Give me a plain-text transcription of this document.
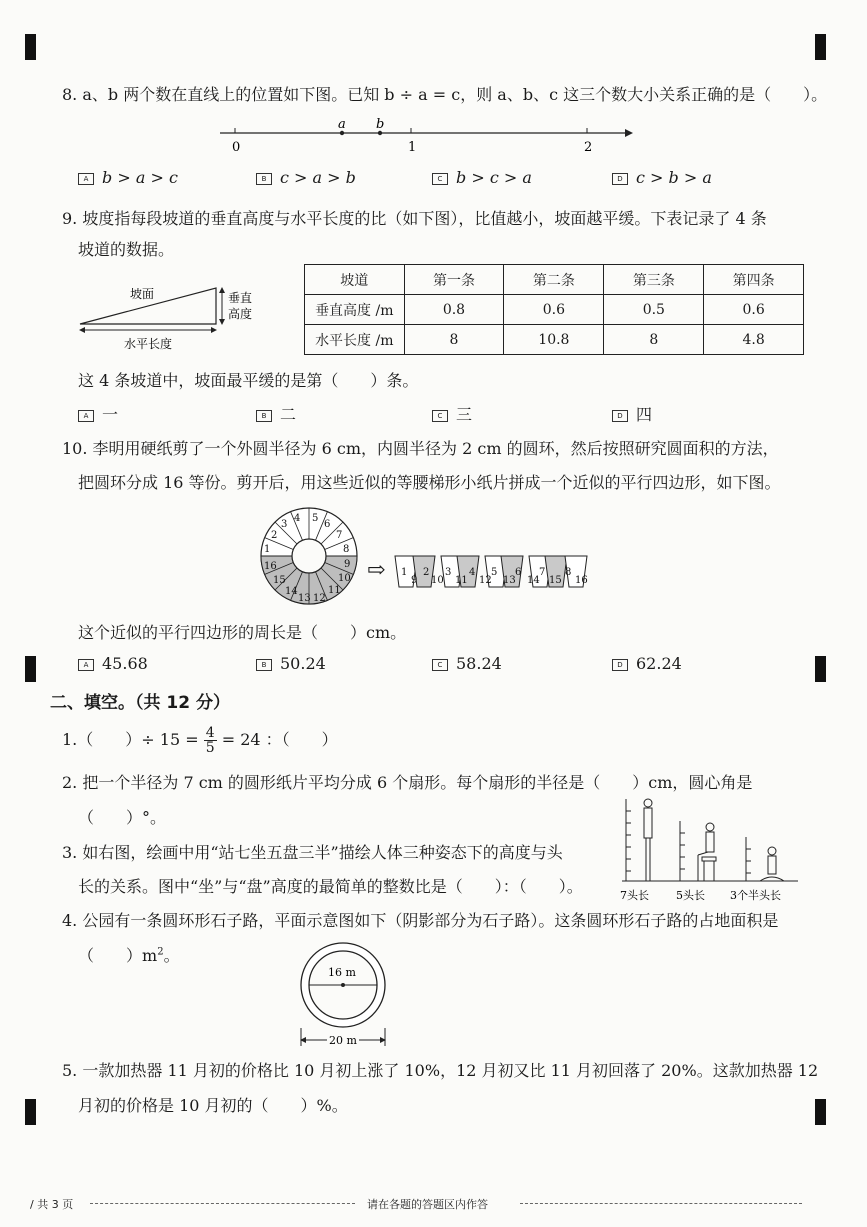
8. a、b 两个数在直线上的位置如下图。已知 b ÷ a = c，则 a、b、c 这三个数大小关系正确的是（　　）。
0	1	2
a b
A b > a > c	B c > a > b	C b > c > a	D c > b > a
9. 坡度指每段坡道的垂直高度与水平长度的比（如下图），比值越小，坡面越平缓。下表记录了 4 条
坡道的数据。
坡面	垂直
高度
水平长度
坡道	第一条	第二条	第三条	第四条
垂直高度 /m	0.8	0.6	0.5	0.6
水平长度 /m	8	10.8	8	4.8
这 4 条坡道中，坡面最平缓的是第（　　）条。
A 一	B 二	C 三	D 四
10. 李明用硬纸剪了一个外圆半径为 6 cm，内圆半径为 2 cm 的圆环，然后按照研究圆面积的方法，
把圆环分成 16 等份。剪开后，用这些近似的等腰梯形小纸片拼成一个近似的平行四边形，如下图。
1
2
3
4 5
6
7
8
9
10
11
12
13
14
15
16	⇨ 1
9
2
10
3
11
4
12
5
13
6
14
7
15
8
16
这个近似的平行四边形的周长是（　　）cm。
A 45.68	B 50.24	C 58.24	D 62.24
二、填空。（共 12 分）
1.（　　）÷ $15 = \frac{4}{5} = 24$ ：（　　）
2. 把一个半径为 7 cm 的圆形纸片平均分成 6 个扇形。每个扇形的半径是（　　）cm，圆心角是
（　　）°。
3. 如右图，绘画中用“站七坐五盘三半”描绘人体三种姿态下的高度与头
长的关系。图中“坐”与“盘”高度的最简单的整数比是（　　）：（　　）。	7头长 5头长 3个半头长
4. 公园有一条圆环形石子路，平面示意图如下（阴影部分为石子路）。这条圆环形石子路的占地面积是
（　　）$m^2$。
16 m
20 m
5. 一款加热器 11 月初的价格比 10 月初上涨了 10%，12 月初又比 11 月初回落了 20%。这款加热器 12
月初的价格是 10 月初的（　　）%。
/ 共 3 页	请在各题的答题区内作答
